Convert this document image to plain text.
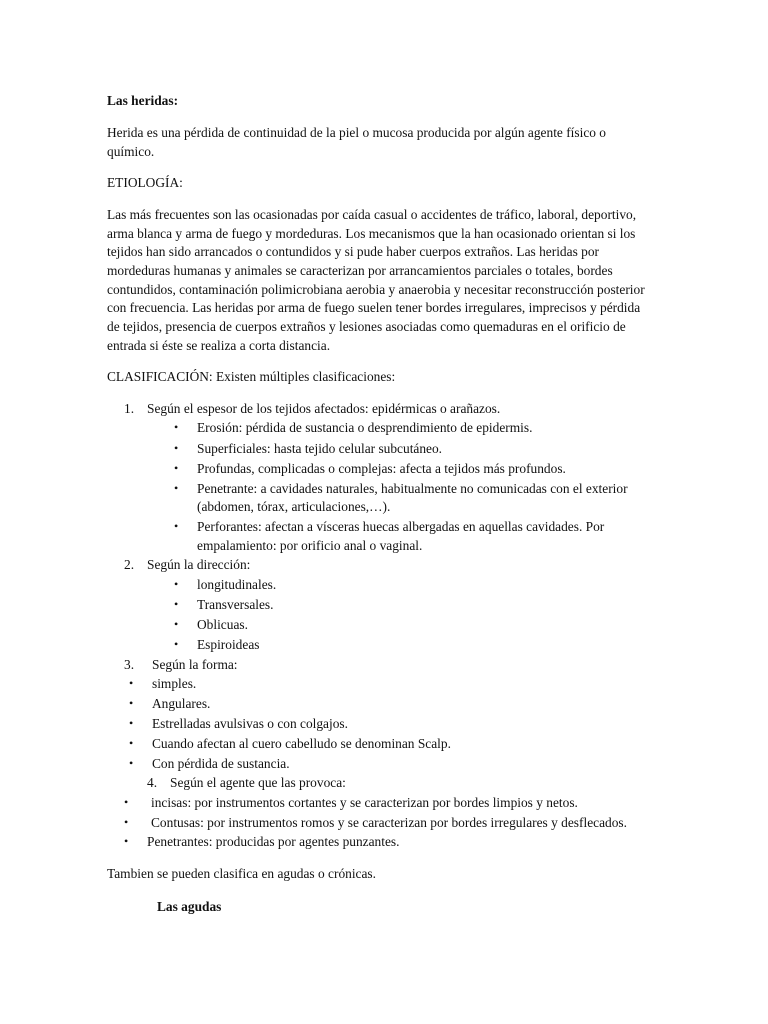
Las heridas:
Herida es una pérdida de continuidad de la piel o mucosa producida por algún agente físico o
químico.
ETIOLOGÍA:
Las más frecuentes son las ocasionadas por caída casual o accidentes de tráfico, laboral, deportivo,
arma blanca y arma de fuego y mordeduras. Los mecanismos que la han ocasionado orientan si los
tejidos han sido arrancados o contundidos y si pude haber cuerpos extraños. Las heridas por
mordeduras humanas y animales se caracterizan por arrancamientos parciales o totales, bordes
contundidos, contaminación polimicrobiana aerobia y anaerobia y necesitar reconstrucción posterior
con frecuencia. Las heridas por arma de fuego suelen tener bordes irregulares, imprecisos y pérdida
de tejidos, presencia de cuerpos extraños y lesiones asociadas como quemaduras en el orificio de
entrada si éste se realiza a corta distancia.
CLASIFICACIÓN: Existen múltiples clasificaciones:
1. Según el espesor de los tejidos afectados: epidérmicas o arañazos.
• Erosión: pérdida de sustancia o desprendimiento de epidermis.
• Superficiales: hasta tejido celular subcutáneo.
• Profundas, complicadas o complejas: afecta a tejidos más profundos.
• Penetrante: a cavidades naturales, habitualmente no comunicadas con el exterior
(abdomen, tórax, articulaciones,…).
• Perforantes: afectan a vísceras huecas albergadas en aquellas cavidades. Por
empalamiento: por orificio anal o vaginal.
2. Según la dirección:
• longitudinales.
• Transversales.
• Oblicuas.
• Espiroideas
3. Según la forma:
• simples.
• Angulares.
• Estrelladas avulsivas o con colgajos.
• Cuando afectan al cuero cabelludo se denominan Scalp.
• Con pérdida de sustancia.
4. Según el agente que las provoca:
• incisas: por instrumentos cortantes y se caracterizan por bordes limpios y netos.
• Contusas: por instrumentos romos y se caracterizan por bordes irregulares y desflecados.
• Penetrantes: producidas por agentes punzantes.
Tambien se pueden clasifica en agudas o crónicas.
Las agudas
